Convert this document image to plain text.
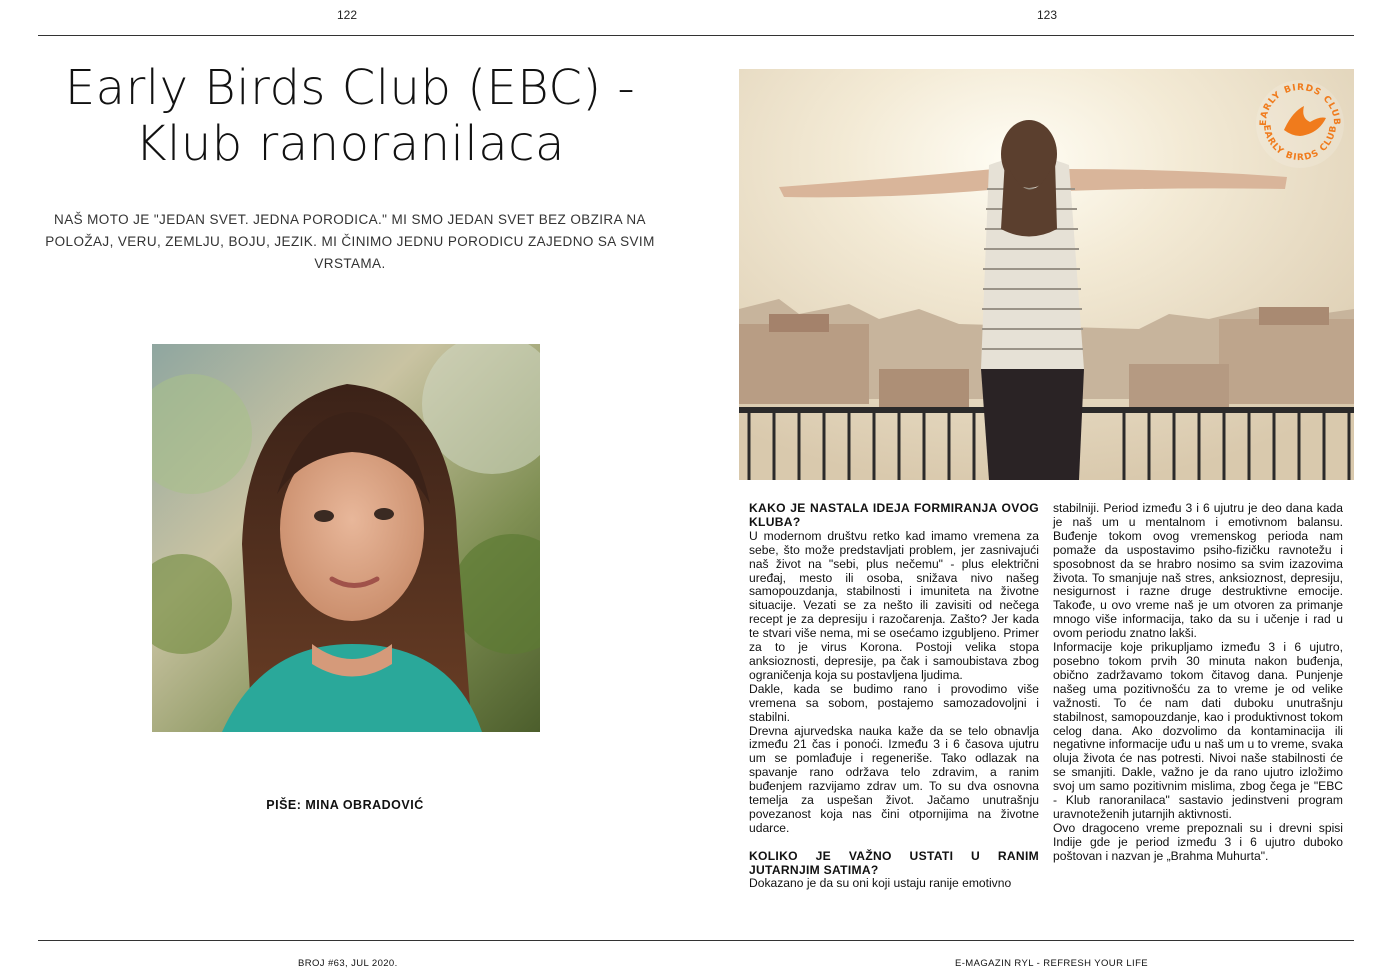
122	123
Early Birds Club (EBC) -
Klub ranoranilaca
NAŠ MOTO JE "JEDAN SVET. JEDNA PORODICA." MI SMO JEDAN SVET BEZ OBZIRA NA POLOŽAJ, VERU, ZEMLJU, BOJU, JEZIK. MI ČINIMO JEDNU PORODICU ZAJEDNO SA SVIM VRSTAMA.
PIŠE: MINA OBRADOVIĆ
EARLY BIRDS CLUB
EARLY BIRDS CLUB
KAKO JE NASTALA IDEJA FORMIRANJA OVOG KLUBA?

U modernom društvu retko kad imamo vremena za sebe, što može predstavljati problem, jer zasnivajući naš život na "sebi, plus nečemu" - plus električni uređaj, mesto ili osoba, snižava nivo našeg samopouzdanja, stabilnosti i imuniteta na životne situacije. Vezati se za nešto ili zavisiti od nečega recept je za depresiju i razočarenja. Zašto? Jer kada te stvari više nema, mi se osećamo izgubljeno. Primer za to je virus Korona. Postoji velika stopa anksioznosti, depresije, pa čak i samoubistava zbog ograničenja koja su postavljena ljudima.

Dakle, kada se budimo rano i provodimo više vremena sa sobom, postajemo samozadovoljni i stabilni.

Drevna ajurvedska nauka kaže da se telo obnavlja između 21 čas i ponoći. Između 3 i 6 časova ujutru um se pomlađuje i regeneriše. Tako odlazak na spavanje rano održava telo zdravim, a ranim buđenjem razvijamo zdrav um. To su dva osnovna temelja za uspešan život. Jačamo unutrašnju povezanost koja nas čini otpornijima na životne udarce.

KOLIKO JE VAŽNO USTATI U RANIM JUTARNJIM SATIMA?

Dokazano je da su oni koji ustaju ranije emotivno

stabilniji. Period između 3 i 6 ujutru je deo dana kada je naš um u mentalnom i emotivnom balansu. Buđenje tokom ovog vremenskog perioda nam pomaže da uspostavimo psiho-fizičku ravnotežu i sposobnost da se hrabro nosimo sa svim izazovima života. To smanjuje naš stres, anksioznost, depresiju, nesigurnost i razne druge destruktivne emocije. Takođe, u ovo vreme naš je um otvoren za primanje mnogo više informacija, tako da su i učenje i rad u ovom periodu znatno lakši.

Informacije koje prikupljamo između 3 i 6 ujutro, posebno tokom prvih 30 minuta nakon buđenja, obično zadržavamo tokom čitavog dana. Punjenje našeg uma pozitivnošću za to vreme je od velike važnosti. To će nam dati duboku unutrašnju stabilnost, samopouzdanje, kao i produktivnost tokom celog dana. Ako dozvolimo da kontaminacija ili negativne informacije uđu u naš um u to vreme, svaka oluja života će nas potresti. Nivoi naše stabilnosti će se smanjiti. Dakle, važno je da rano ujutro izložimo svoj um samo pozitivnim mislima, zbog čega je "EBC - Klub ranoranilaca" sastavio jedinstveni program uravnoteženih jutarnjih aktivnosti.

Ovo dragoceno vreme prepoznali su i drevni spisi Indije gde je period između 3 i 6 ujutro duboko poštovan i nazvan je „Brahma Muhurta".

BROJ #63, JUL 2020.	E-MAGAZIN RYL - REFRESH YOUR LIFE
